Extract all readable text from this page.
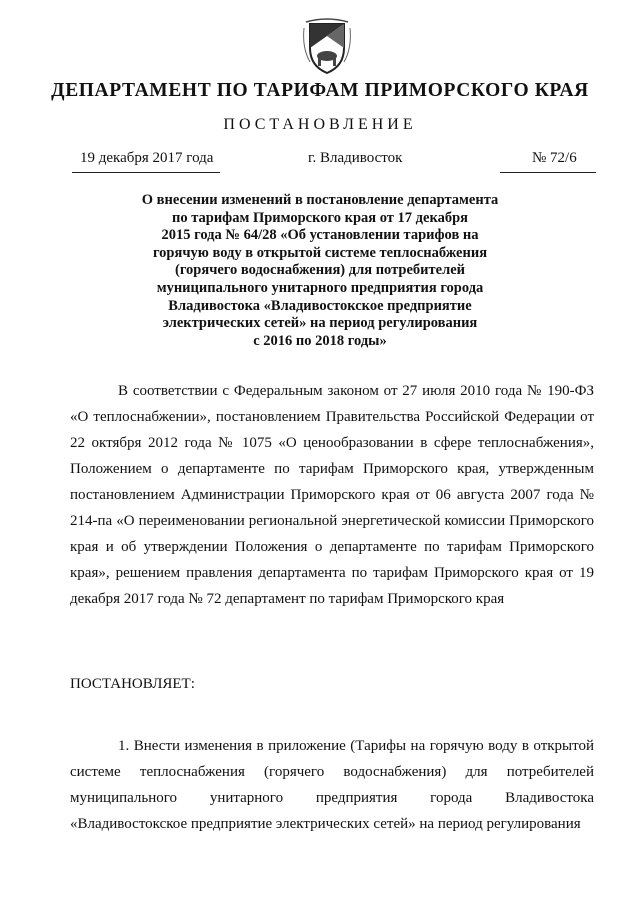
ДЕПАРТАМЕНТ ПО ТАРИФАМ ПРИМОРСКОГО КРАЯ
ПОСТАНОВЛЕНИЕ
19 декабря 2017 года	г. Владивосток	№ 72/6
О внесении изменений в постановление департамента
по тарифам Приморского края от 17 декабря
2015 года № 64/28 «Об установлении тарифов на
горячую воду в открытой системе теплоснабжения
(горячего водоснабжения) для потребителей
муниципального унитарного предприятия города
Владивостока «Владивостокское предприятие
электрических сетей» на период регулирования
с 2016 по 2018 годы»

В соответствии с Федеральным законом от 27 июля 2010 года № 190-ФЗ «О теплоснабжении», постановлением Правительства Российской Федерации от 22 октября 2012 года № 1075 «О ценообразовании в сфере теплоснабжения», Положением о департаменте по тарифам Приморского края, утвержденным постановлением Администрации Приморского края от 06 августа 2007 года № 214-па «О переименовании региональной энергетической комиссии Приморского края и об утверждении Положения о департаменте по тарифам Приморского края», решением правления департамента по тарифам Приморского края от 19 декабря 2017 года № 72 департамент по тарифам Приморского края

ПОСТАНОВЛЯЕТ:

1. Внести изменения в приложение (Тарифы на горячую воду в открытой системе теплоснабжения (горячего водоснабжения) для потребителей муниципального унитарного предприятия города Владивостока «Владивостокское предприятие электрических сетей» на период регулирования
